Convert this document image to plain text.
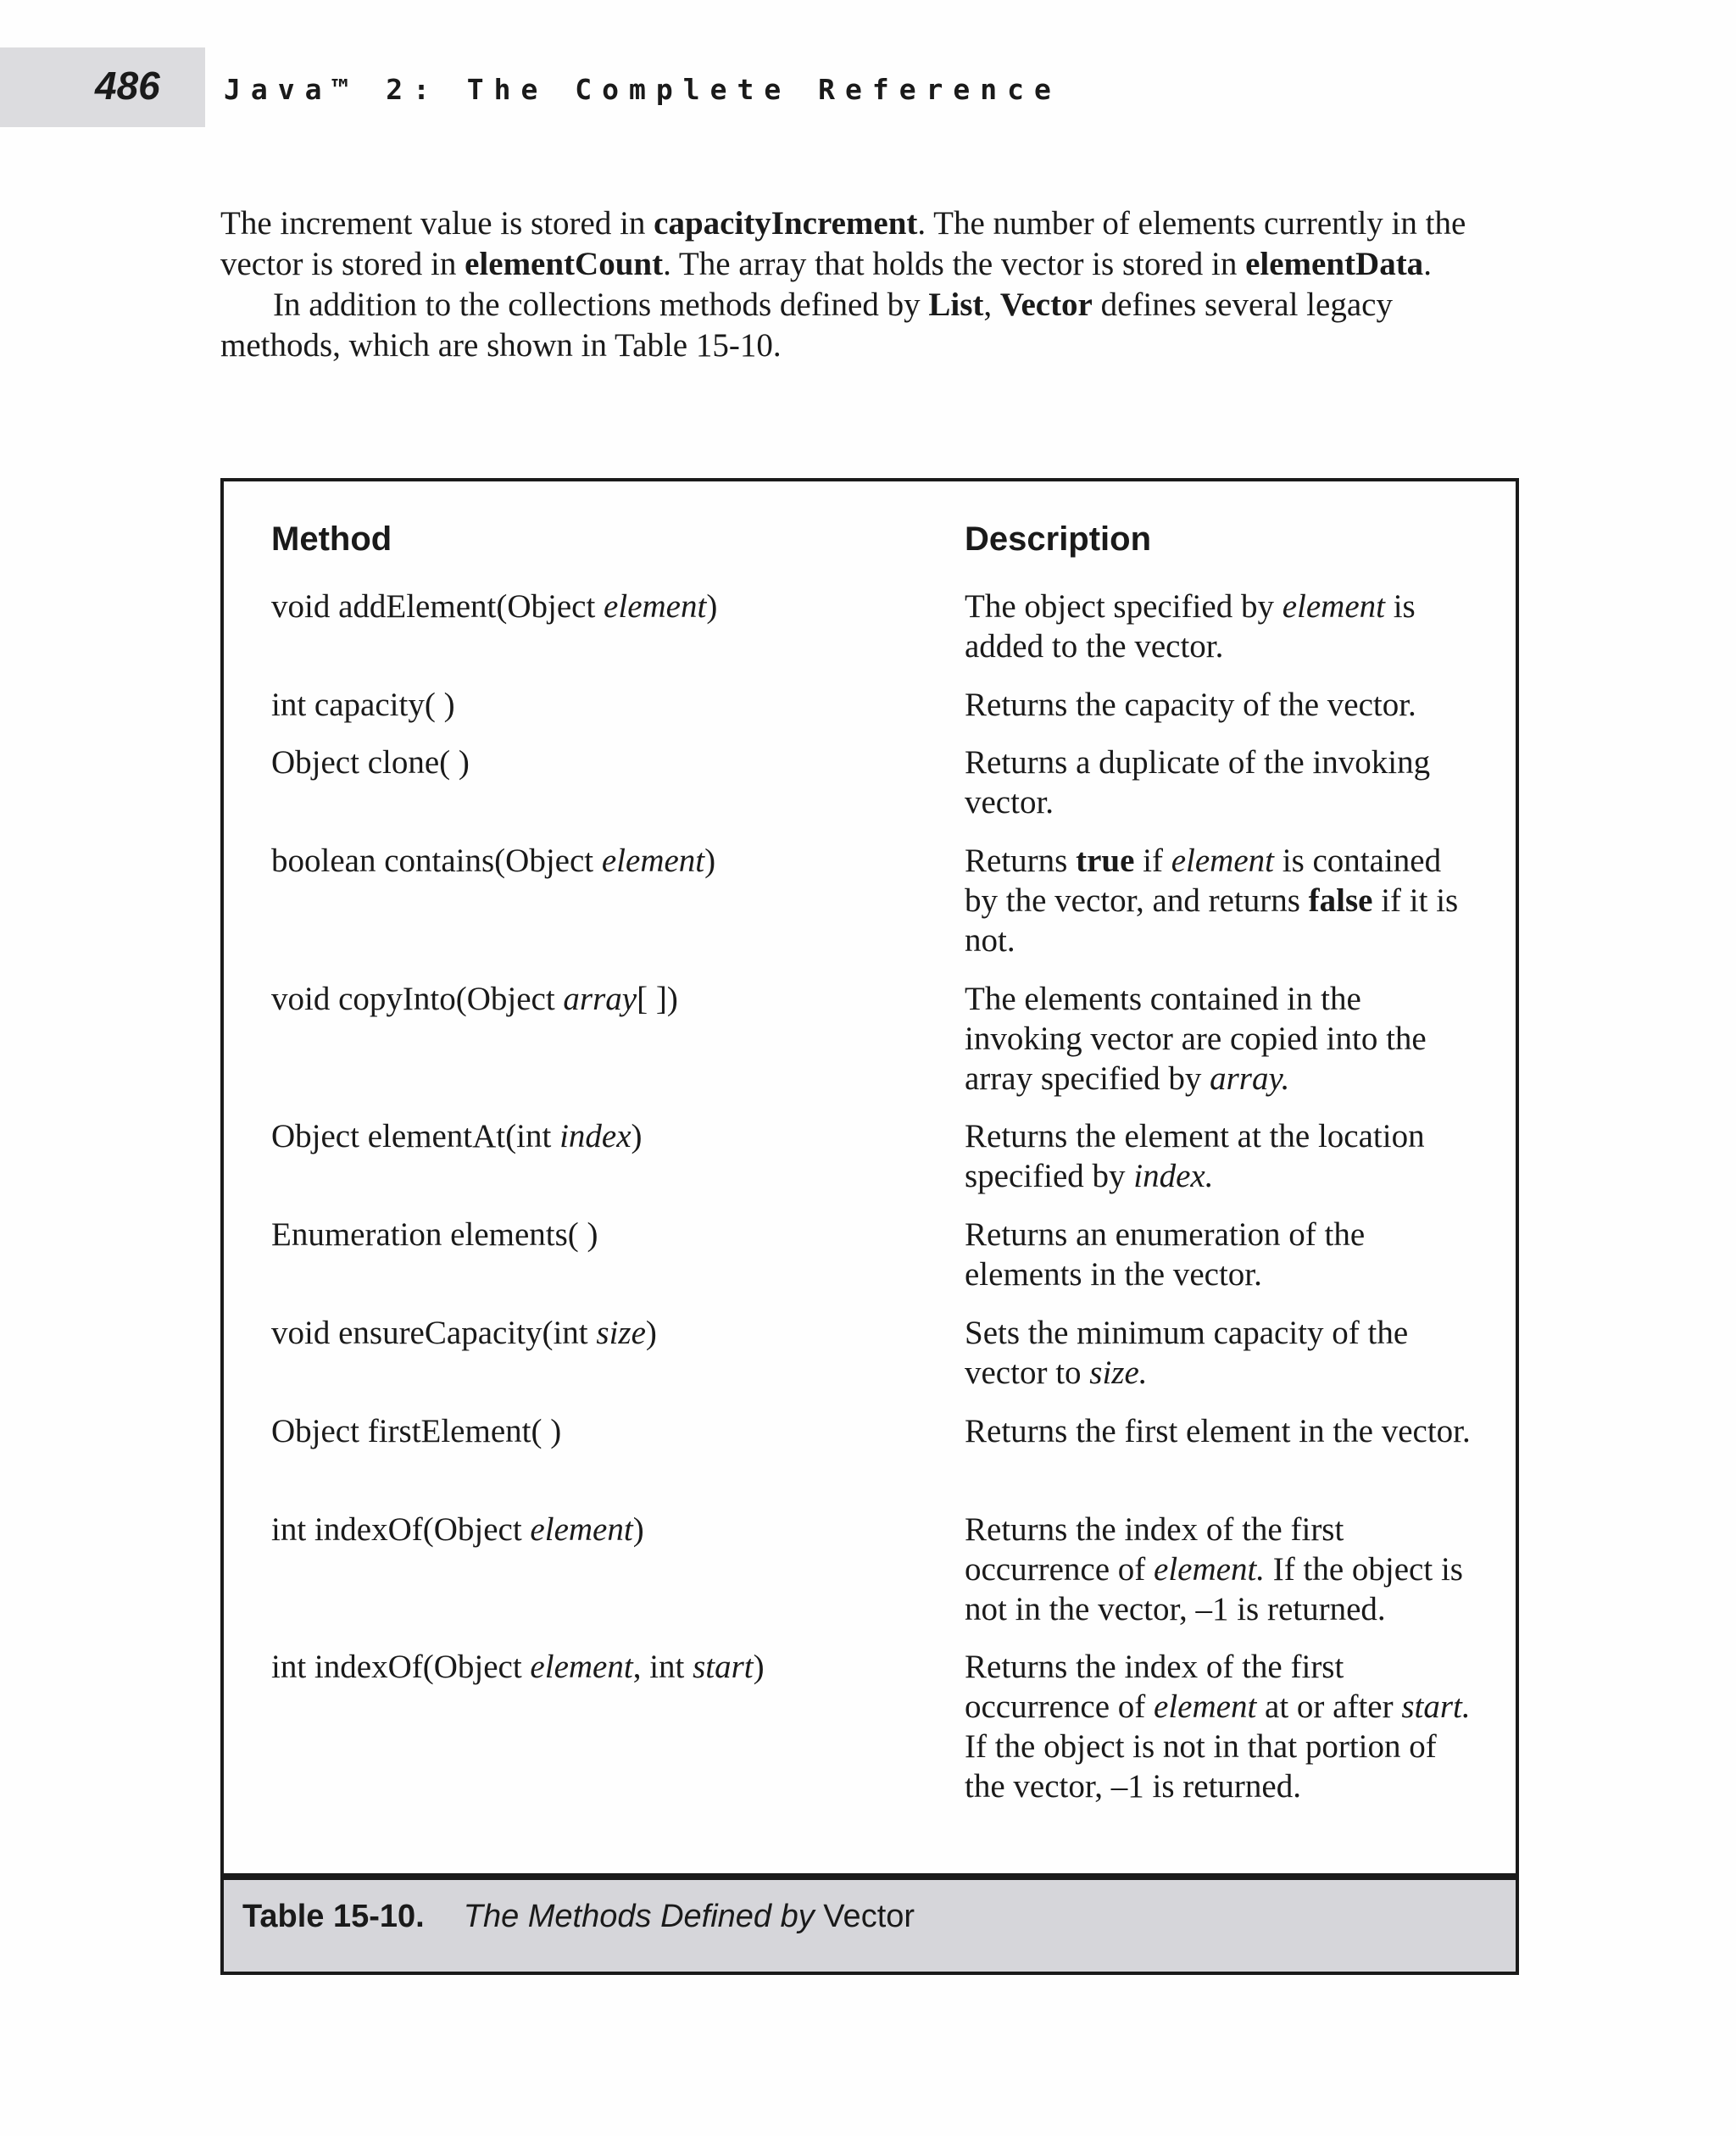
486 Java™ 2: The Complete Reference

The increment value is stored in capacityIncrement. The number of elements currently in the vector is stored in elementCount. The array that holds the vector is stored in elementData.

In addition to the collections methods defined by List, Vector defines several legacy methods, which are shown in Table 15-10.

Method	Description
void addElement(Object element)	The object specified by element is added to the vector.
int capacity( )	Returns the capacity of the vector.
Object clone( )	Returns a duplicate of the invoking vector.
boolean contains(Object element)	Returns true if element is contained by the vector, and returns false if it is not.
void copyInto(Object array[ ])	The elements contained in the invoking vector are copied into the array specified by array.
Object elementAt(int index)	Returns the element at the location specified by index.
Enumeration elements( )	Returns an enumeration of the elements in the vector.
void ensureCapacity(int size)	Sets the minimum capacity of the vector to size.
Object firstElement( )	Returns the first element in the vector.
int indexOf(Object element)	Returns the index of the first occurrence of element. If the object is not in the vector, –1 is returned.
int indexOf(Object element, int start)	Returns the index of the first occurrence of element at or after start. If the object is not in that portion of the vector, –1 is returned.
Table 15-10. The Methods Defined by Vector
